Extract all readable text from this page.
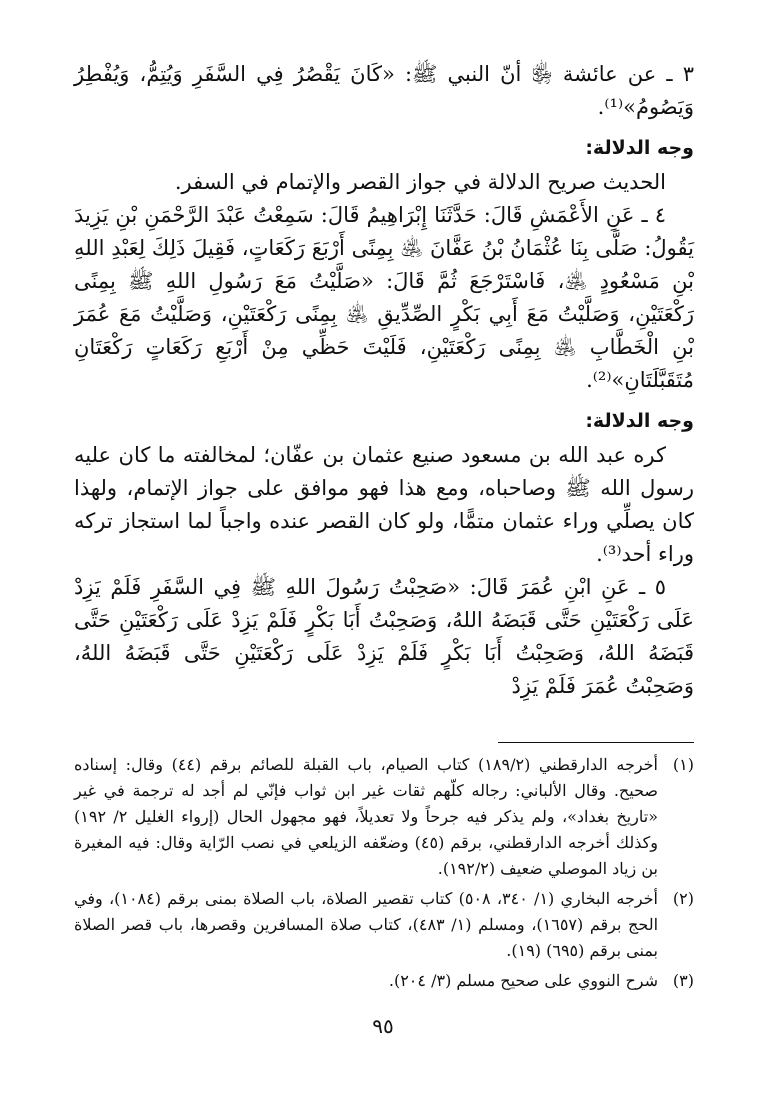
٣ ـ عن عائشة ﵂ أنّ النبي ﷺ: «كَانَ يَقْصُرُ فِي السَّفَرِ وَيُتِمُّ، وَيُفْطِرُ وَيَصُومُ»⁽¹⁾.

وجه الدلالة:

الحديث صريح الدلالة في جواز القصر والإتمام في السفر.

٤ ـ عَنِ الأَعْمَشِ قَالَ: حَدَّثَنَا إِبْرَاهِيمُ قَالَ: سَمِعْتُ عَبْدَ الرَّحْمَنِ بْنِ يَزِيدَ يَقُولُ: صَلَّى بِنَا عُثْمَانُ بْنُ عَفَّانَ ﵁ بِمِنًى أَرْبَعَ رَكَعَاتٍ، فَقِيلَ ذَلِكَ لِعَبْدِ اللهِ بْنِ مَسْعُودٍ ﵁، فَاسْتَرْجَعَ ثُمَّ قَالَ: «صَلَّيْتُ مَعَ رَسُولِ اللهِ ﷺ بِمِنًى رَكْعَتَيْنِ، وَصَلَّيْتُ مَعَ أَبِي بَكْرٍ الصِّدِّيقِ ﵁ بِمِنًى رَكْعَتَيْنِ، وَصَلَّيْتُ مَعَ عُمَرَ بْنِ الْخَطَّابِ ﵁ بِمِنًى رَكْعَتَيْنِ، فَلَيْتَ حَظِّي مِنْ أَرْبَعِ رَكَعَاتٍ رَكْعَتَانِ مُتَقَبَّلَتَانِ»⁽²⁾.

وجه الدلالة:

كره عبد الله بن مسعود صنيع عثمان بن عفّان؛ لمخالفته ما كان عليه رسول الله ﷺ وصاحباه، ومع هذا فهو موافق على جواز الإتمام، ولهذا كان يصلِّي وراء عثمان متمًّا، ولو كان القصر عنده واجباً لما استجاز تركه وراء أحد⁽³⁾.

٥ ـ عَنِ ابْنِ عُمَرَ قَالَ: «صَحِبْتُ رَسُولَ اللهِ ﷺ فِي السَّفَرِ فَلَمْ يَزِدْ عَلَى رَكْعَتَيْنِ حَتَّى قَبَضَهُ اللهُ، وَصَحِبْتُ أَبَا بَكْرٍ فَلَمْ يَزِدْ عَلَى رَكْعَتَيْنِ حَتَّى قَبَضَهُ اللهُ، وَصَحِبْتُ أَبَا بَكْرٍ فَلَمْ يَزِدْ عَلَى رَكْعَتَيْنِ حَتَّى قَبَضَهُ اللهُ، وَصَحِبْتُ عُمَرَ فَلَمْ يَزِدْ

(١)
أخرجه الدارقطني (١٨٩/٢) كتاب الصيام، باب القبلة للصائم برقم (٤٤) وقال: إسناده صحيح. وقال الألباني: رجاله كلّهم ثقات غير ابن ثواب فإنّي لم أجد له ترجمة في غير «تاريخ بغداد»، ولم يذكر فيه جرحاً ولا تعديلاً، فهو مجهول الحال (إرواء الغليل ٢/ ١٩٢) وكذلك أخرجه الدارقطني، برقم (٤٥) وضعّفه الزيلعي في نصب الرّاية وقال: فيه المغيرة بن زياد الموصلي ضعيف (١٩٢/٢).
(٢)
أخرجه البخاري (١/ ٣٤٠، ٥٠٨) كتاب تقصير الصلاة، باب الصلاة بمنى برقم (١٠٨٤)، وفي الحج برقم (١٦٥٧)، ومسلم (١/ ٤٨٣)، كتاب صلاة المسافرين وقصرها، باب قصر الصلاة بمنى برقم (٦٩٥) (١٩).
(٣)
شرح النووي على صحيح مسلم (٣/ ٢٠٤).
٩٥
